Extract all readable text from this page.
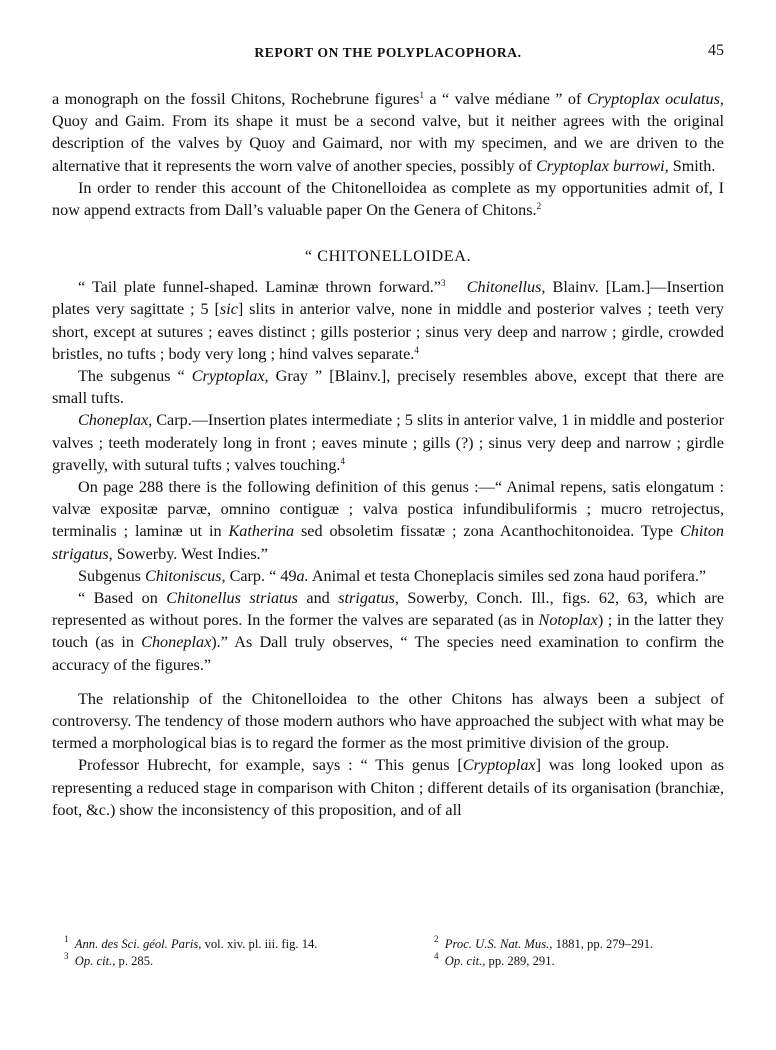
REPORT ON THE POLYPLACOPHORA.	45

a monograph on the fossil Chitons, Rochebrune figures$^1$ a “ valve médiane ” of Cryptoplax oculatus, Quoy and Gaim. From its shape it must be a second valve, but it neither agrees with the original description of the valves by Quoy and Gaimard, nor with my specimen, and we are driven to the alternative that it represents the worn valve of another species, possibly of Cryptoplax burrowi, Smith.

In order to render this account of the Chitonelloidea as complete as my opportunities admit of, I now append extracts from Dall’s valuable paper On the Genera of Chitons.$^2$

“ CHITONELLOIDEA.

“ Tail plate funnel-shaped. Laminæ thrown forward.”$^3$ Chitonellus, Blainv. [Lam.]—Insertion plates very sagittate ; 5 [sic] slits in anterior valve, none in middle and posterior valves ; teeth very short, except at sutures ; eaves distinct ; gills posterior ; sinus very deep and narrow ; girdle, crowded bristles, no tufts ; body very long ; hind valves separate.$^4$

The subgenus “ Cryptoplax, Gray ” [Blainv.], precisely resembles above, except that there are small tufts.

Choneplax, Carp.—Insertion plates intermediate ; 5 slits in anterior valve, 1 in middle and posterior valves ; teeth moderately long in front ; eaves minute ; gills (?) ; sinus very deep and narrow ; girdle gravelly, with sutural tufts ; valves touching.$^4$

On page 288 there is the following definition of this genus :—“ Animal repens, satis elongatum : valvæ expositæ parvæ, omnino contiguæ ; valva postica infundibuliformis ; mucro retrojectus, terminalis ; laminæ ut in Katherina sed obsoletim fissatæ ; zona Acanthochitonoidea. Type Chiton strigatus, Sowerby. West Indies.”

Subgenus Chitoniscus, Carp. “ 49a. Animal et testa Choneplacis similes sed zona haud porifera.”

“ Based on Chitonellus striatus and strigatus, Sowerby, Conch. Ill., figs. 62, 63, which are represented as without pores. In the former the valves are separated (as in Notoplax) ; in the latter they touch (as in Choneplax).” As Dall truly observes, “ The species need examination to confirm the accuracy of the figures.”

The relationship of the Chitonelloidea to the other Chitons has always been a subject of controversy. The tendency of those modern authors who have approached the subject with what may be termed a morphological bias is to regard the former as the most primitive division of the group.

Professor Hubrecht, for example, says : “ This genus [Cryptoplax] was long looked upon as representing a reduced stage in comparison with Chiton ; different details of its organisation (branchiæ, foot, &c.) show the inconsistency of this proposition, and of all

$^1$ Ann. des Sci. géol. Paris, vol. xiv. pl. iii. fig. 14.	$^2$ Proc. U.S. Nat. Mus., 1881, pp. 279–291.
$^3$ Op. cit., p. 285.	$^4$ Op. cit., pp. 289, 291.
